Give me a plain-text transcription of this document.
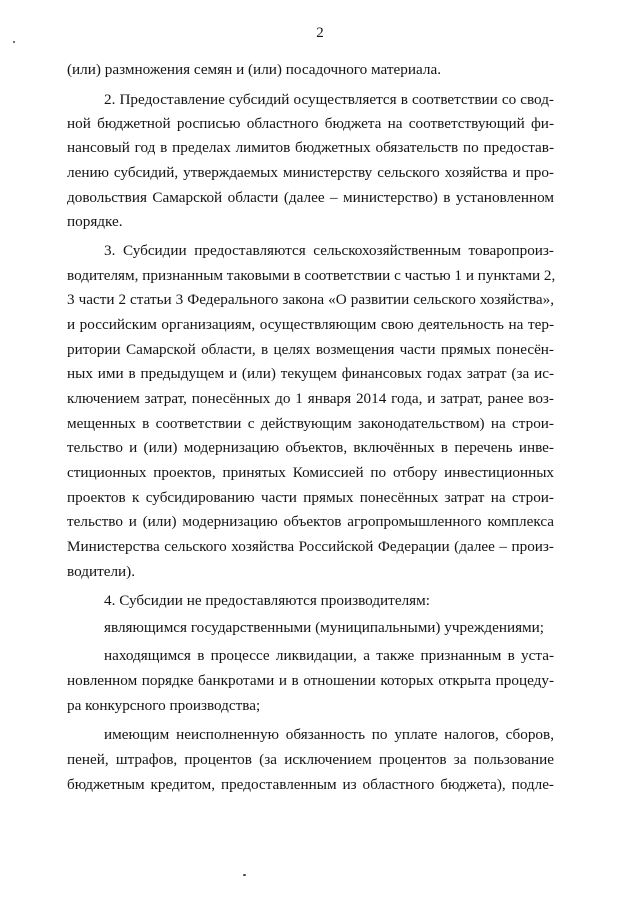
2
(или) размножения семян и (или) посадочного материала.
2. Предоставление субсидий осуществляется в соответствии со свод-
ной бюджетной росписью областного бюджета на соответствующий фи-
нансовый год в пределах лимитов бюджетных обязательств по предостав-
лению субсидий, утверждаемых министерству сельского хозяйства и про-
довольствия Самарской области (далее – министерство) в установленном
порядке.
3. Субсидии предоставляются сельскохозяйственным товаропроиз-
водителям, признанным таковыми в соответствии с частью 1 и пунктами 2,
3 части 2 статьи 3 Федерального закона «О развитии сельского хозяйства»,
и российским организациям, осуществляющим свою деятельность на тер-
ритории Самарской области, в целях возмещения части прямых понесён-
ных ими в предыдущем и (или) текущем финансовых годах затрат (за ис-
ключением затрат, понесённых до 1 января 2014 года, и затрат, ранее воз-
мещенных в соответствии с действующим законодательством) на строи-
тельство и (или) модернизацию объектов, включённых в перечень инве-
стиционных проектов, принятых Комиссией по отбору инвестиционных
проектов к субсидированию части прямых понесённых затрат на строи-
тельство и (или) модернизацию объектов агропромышленного комплекса
Министерства сельского хозяйства Российской Федерации (далее – произ-
водители).
4. Субсидии не предоставляются производителям:
являющимся государственными (муниципальными) учреждениями;
находящимся в процессе ликвидации, а также признанным в уста-
новленном порядке банкротами и в отношении которых открыта процеду-
ра конкурсного производства;
имеющим неисполненную обязанность по уплате налогов, сборов,
пеней, штрафов, процентов (за исключением процентов за пользование
бюджетным кредитом, предоставленным из областного бюджета), подле-
